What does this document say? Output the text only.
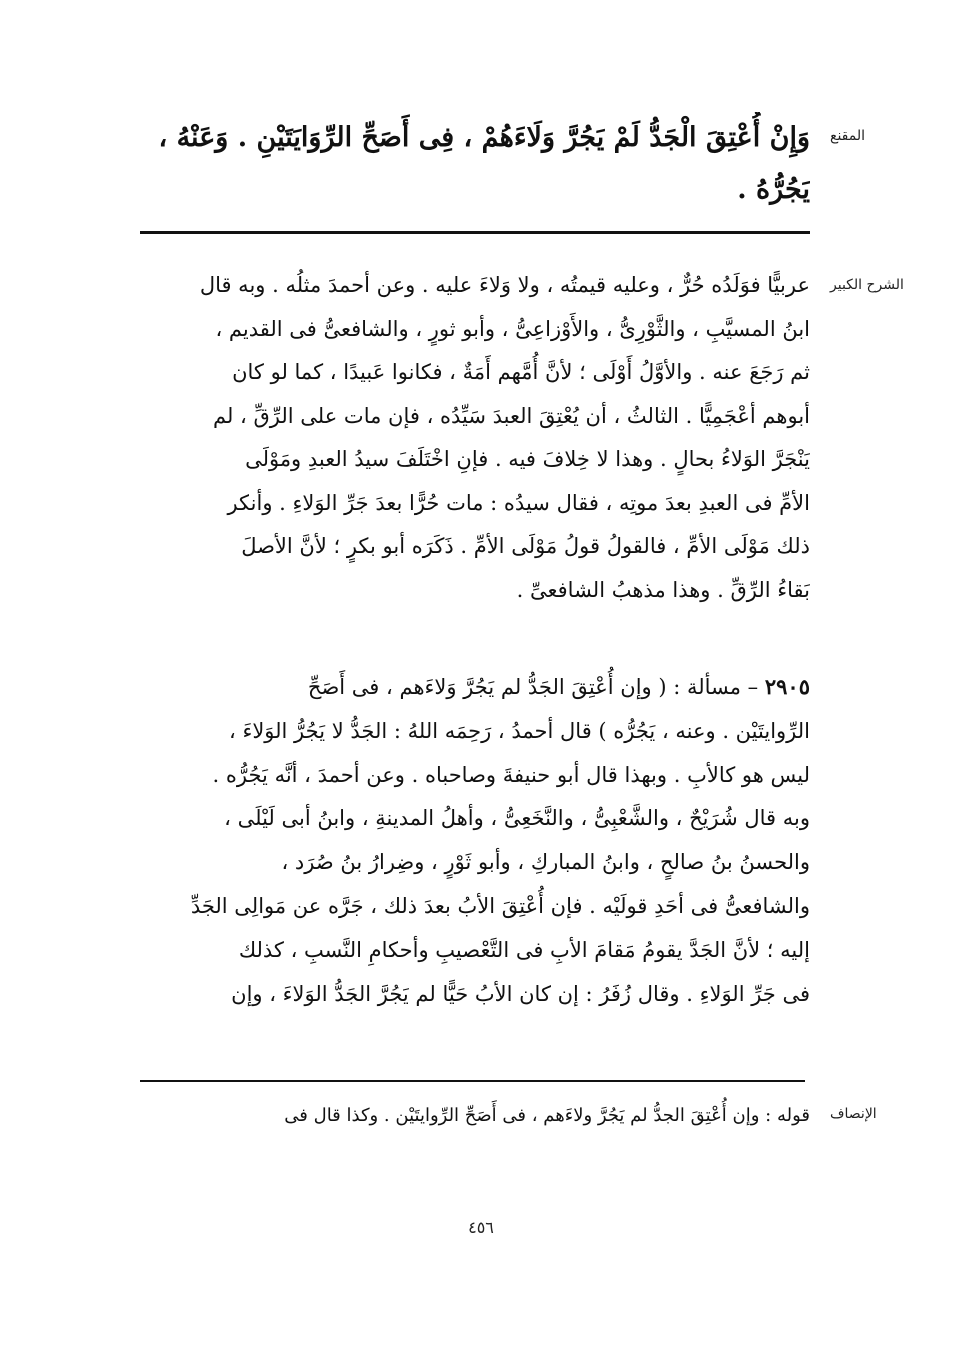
المقنع
وَإِنْ أُعْتِقَ الْجَدُّ لَمْ يَجُرَّ وَلَاءَهُمْ ، فِى أَصَحِّ الرِّوَايَتَيْنِ . وَعَنْهُ ،
يَجُرُّهُ .
الشرح الكبير
عربيًّا فوَلَدُه حُرٌّ ، وعليه قيمتُه ، ولا وَلاءَ عليه . وعن أحمدَ مثلُه . وبه قال
ابنُ المسيَّبِ ، والثَّوْرِىُّ ، والأَوْزاعِىُّ ، وأبو ثورٍ ، والشافعىُّ فى القديم ،
ثم رَجَعَ عنه . والأوَّلُ أَوْلَى ؛ لأنَّ أُمَّهم أَمَةٌ ، فكانوا عَبيدًا ، كما لو كان
أبوهم أعْجَمِيًّا . الثالثُ ، أن يُعْتِقَ العبدَ سَيِّدُه ، فإن مات على الرِّقِّ ، لم
يَنْجَرَّ الوَلاءُ بحالٍ . وهذا لا خِلافَ فيه . فإنِ اخْتَلَفَ سيدُ العبدِ ومَوْلَى
الأمِّ فى العبدِ بعدَ موتِه ، فقال سيدُه : مات حُرًّا بعدَ جَرِّ الوَلاءِ . وأنكر
ذلك مَوْلَى الأمِّ ، فالقولُ قولُ مَوْلَى الأمِّ . ذَكَرَه أبو بكرٍ ؛ لأنَّ الأصلَ
بَقاءُ الرِّقِّ . وهذا مذهبُ الشافعىِّ .
٢٩٠٥ – مسألة : ( وإن أُعْتِقَ الجَدُّ لم يَجُرَّ وَلاءَهم ، فى أَصَحِّ
الرِّوايتَيْن . وعنه ، يَجُرُّه ) قال أحمدُ ، رَحِمَه اللهُ : الجَدُّ لا يَجُرُّ الوَلاءَ ،
ليس هو كالأبِ . وبهذا قال أبو حنيفةَ وصاحباه . وعن أحمدَ ، أنَّه يَجُرُّه .
وبه قال شُرَيْحٌ ، والشَّعْبِىُّ ، والنَّخَعِىُّ ، وأهلُ المدينةِ ، وابنُ أبى لَيْلَى ،
والحسنُ بنُ صالحٍ ، وابنُ المباركِ ، وأبو ثَوْرٍ ، وضِرارُ بنُ صُرَد ،
والشافعىُّ فى أحَدِ قولَيْه . فإن أُعْتِقَ الأبُ بعدَ ذلك ، جَرَّه عن مَوالِى الجَدِّ
إليه ؛ لأنَّ الجَدَّ يقومُ مَقامَ الأبِ فى التَّعْصيبِ وأحكامِ النَّسبِ ، كذلك
فى جَرِّ الوَلاءِ . وقال زُفَرُ : إن كان الأبُ حَيًّا لم يَجُرَّ الجَدُّ الوَلاءَ ، وإن
الإنصاف
قوله : وإن أُعْتِقَ الجدُّ لم يَجُرَّ ولاءَهم ، فى أَصَحِّ الرِّوايتَيْن . وكذا قال فى
٤٥٦
